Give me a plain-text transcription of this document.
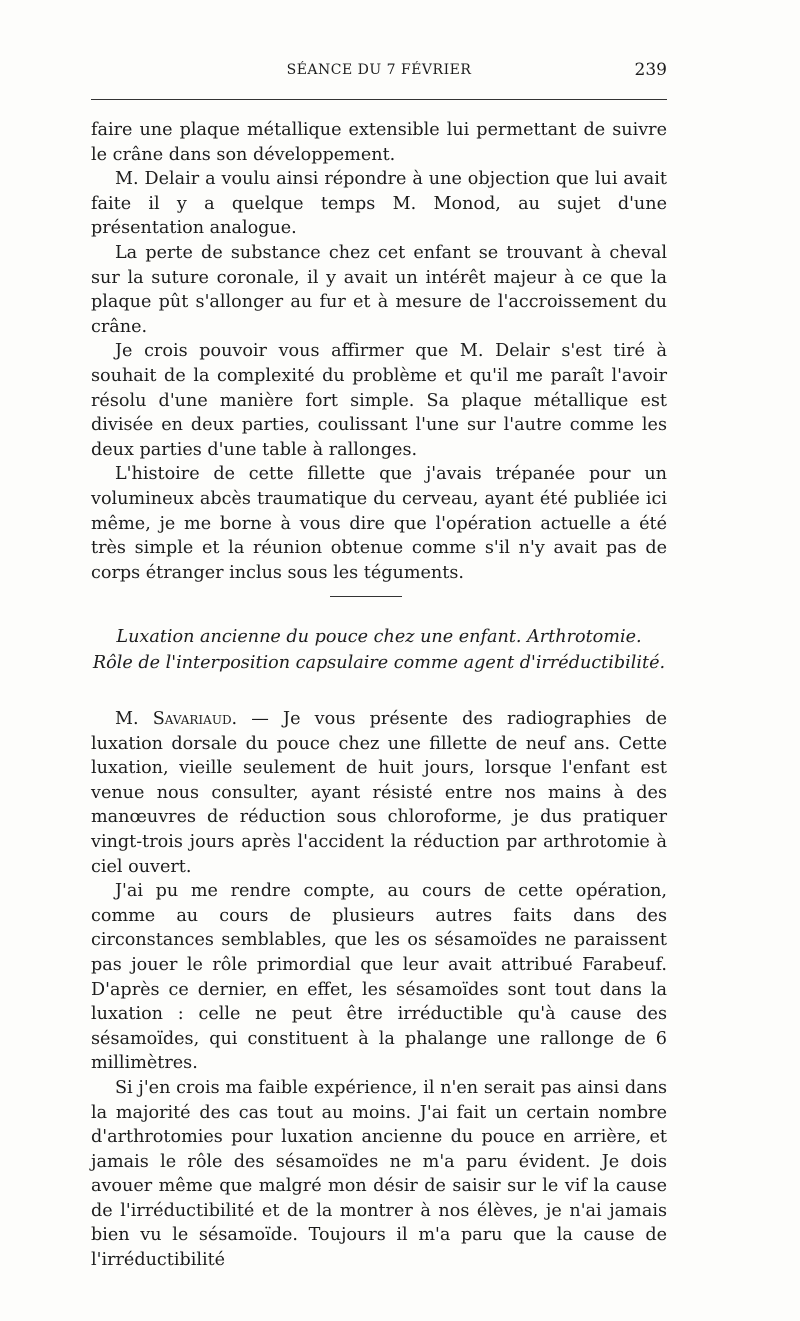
SÉANCE DU 7 FÉVRIER	239

faire une plaque métallique extensible lui permettant de suivre le crâne dans son développement.

M. Delair a voulu ainsi répondre à une objection que lui avait faite il y a quelque temps M. Monod, au sujet d'une présentation analogue.

La perte de substance chez cet enfant se trouvant à cheval sur la suture coronale, il y avait un intérêt majeur à ce que la plaque pût s'allonger au fur et à mesure de l'accroissement du crâne.

Je crois pouvoir vous affirmer que M. Delair s'est tiré à souhait de la complexité du problème et qu'il me paraît l'avoir résolu d'une manière fort simple. Sa plaque métallique est divisée en deux parties, coulissant l'une sur l'autre comme les deux parties d'une table à rallonges.

L'histoire de cette fillette que j'avais trépanée pour un volumineux abcès traumatique du cerveau, ayant été publiée ici même, je me borne à vous dire que l'opération actuelle a été très simple et la réunion obtenue comme s'il n'y avait pas de corps étranger inclus sous les téguments.

Luxation ancienne du pouce chez une enfant. Arthrotomie.
Rôle de l'interposition capsulaire comme agent d'irréductibilité.

M. Savariaud. — Je vous présente des radiographies de luxation dorsale du pouce chez une fillette de neuf ans. Cette luxation, vieille seulement de huit jours, lorsque l'enfant est venue nous consulter, ayant résisté entre nos mains à des manœuvres de réduction sous chloroforme, je dus pratiquer vingt-trois jours après l'accident la réduction par arthrotomie à ciel ouvert.

J'ai pu me rendre compte, au cours de cette opération, comme au cours de plusieurs autres faits dans des circonstances semblables, que les os sésamoïdes ne paraissent pas jouer le rôle primordial que leur avait attribué Farabeuf. D'après ce dernier, en effet, les sésamoïdes sont tout dans la luxation : celle ne peut être irréductible qu'à cause des sésamoïdes, qui constituent à la phalange une rallonge de 6 millimètres.

Si j'en crois ma faible expérience, il n'en serait pas ainsi dans la majorité des cas tout au moins. J'ai fait un certain nombre d'arthrotomies pour luxation ancienne du pouce en arrière, et jamais le rôle des sésamoïdes ne m'a paru évident. Je dois avouer même que malgré mon désir de saisir sur le vif la cause de l'irréductibilité et de la montrer à nos élèves, je n'ai jamais bien vu le sésamoïde. Toujours il m'a paru que la cause de l'irréductibilité
